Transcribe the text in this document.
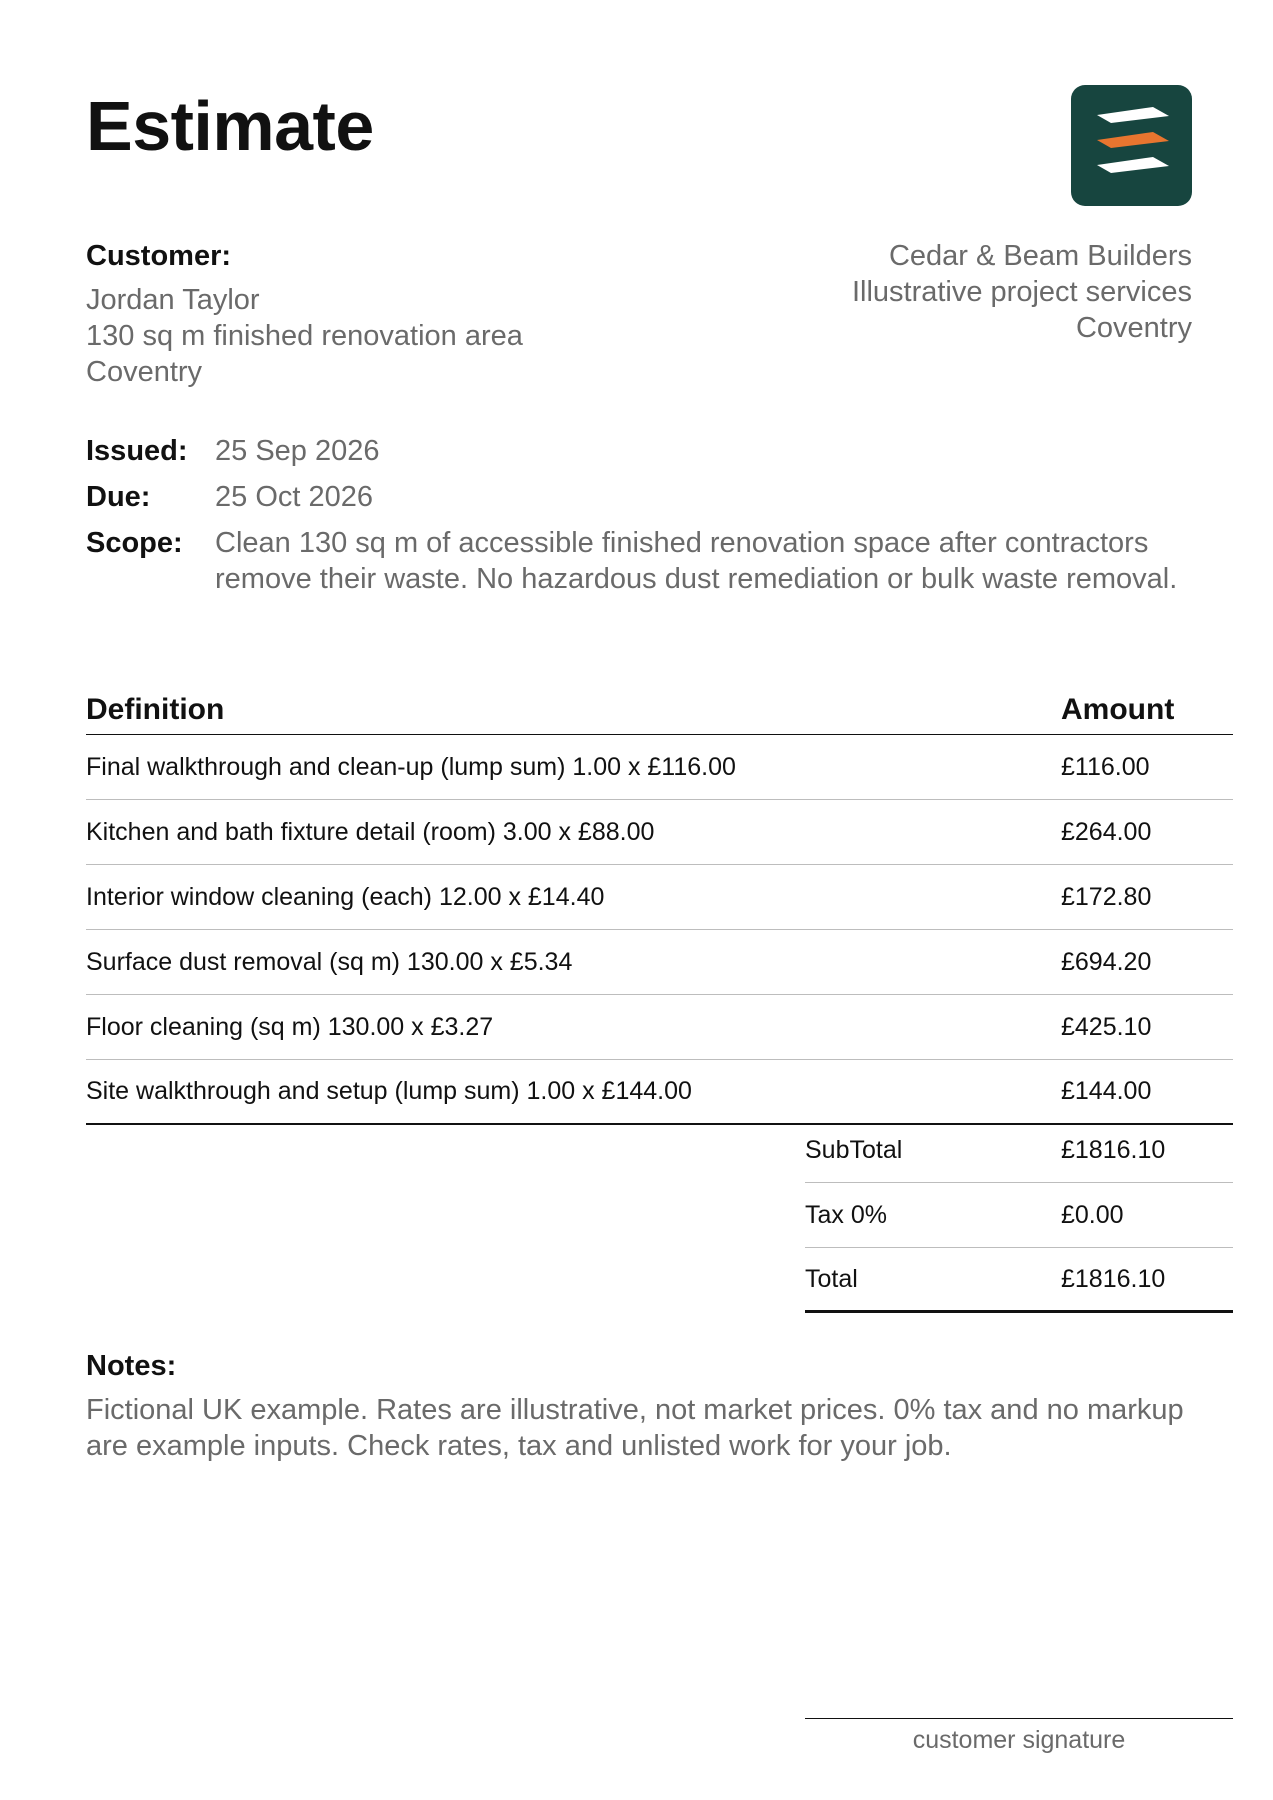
Estimate
Customer:
Jordan Taylor
130 sq m finished renovation area
Coventry
Cedar & Beam Builders
Illustrative project services
Coventry
Issued: 25 Sep 2026
Due:	25 Oct 2026
Scope:	Clean 130 sq m of accessible finished renovation space after contractors remove their waste. No hazardous dust remediation or bulk waste removal.
Definition	Amount
Final walkthrough and clean-up (lump sum) 1.00 x £116.00	£116.00
Kitchen and bath fixture detail (room) 3.00 x £88.00	£264.00
Interior window cleaning (each) 12.00 x £14.40	£172.80
Surface dust removal (sq m) 130.00 x £5.34	£694.20
Floor cleaning (sq m) 130.00 x £3.27	£425.10
Site walkthrough and setup (lump sum) 1.00 x £144.00	£144.00
SubTotal	£1816.10
Tax 0%	£0.00
Total	£1816.10
Notes:
Fictional UK example. Rates are illustrative, not market prices. 0% tax and no markup are example inputs. Check rates, tax and unlisted work for your job.
customer signature
